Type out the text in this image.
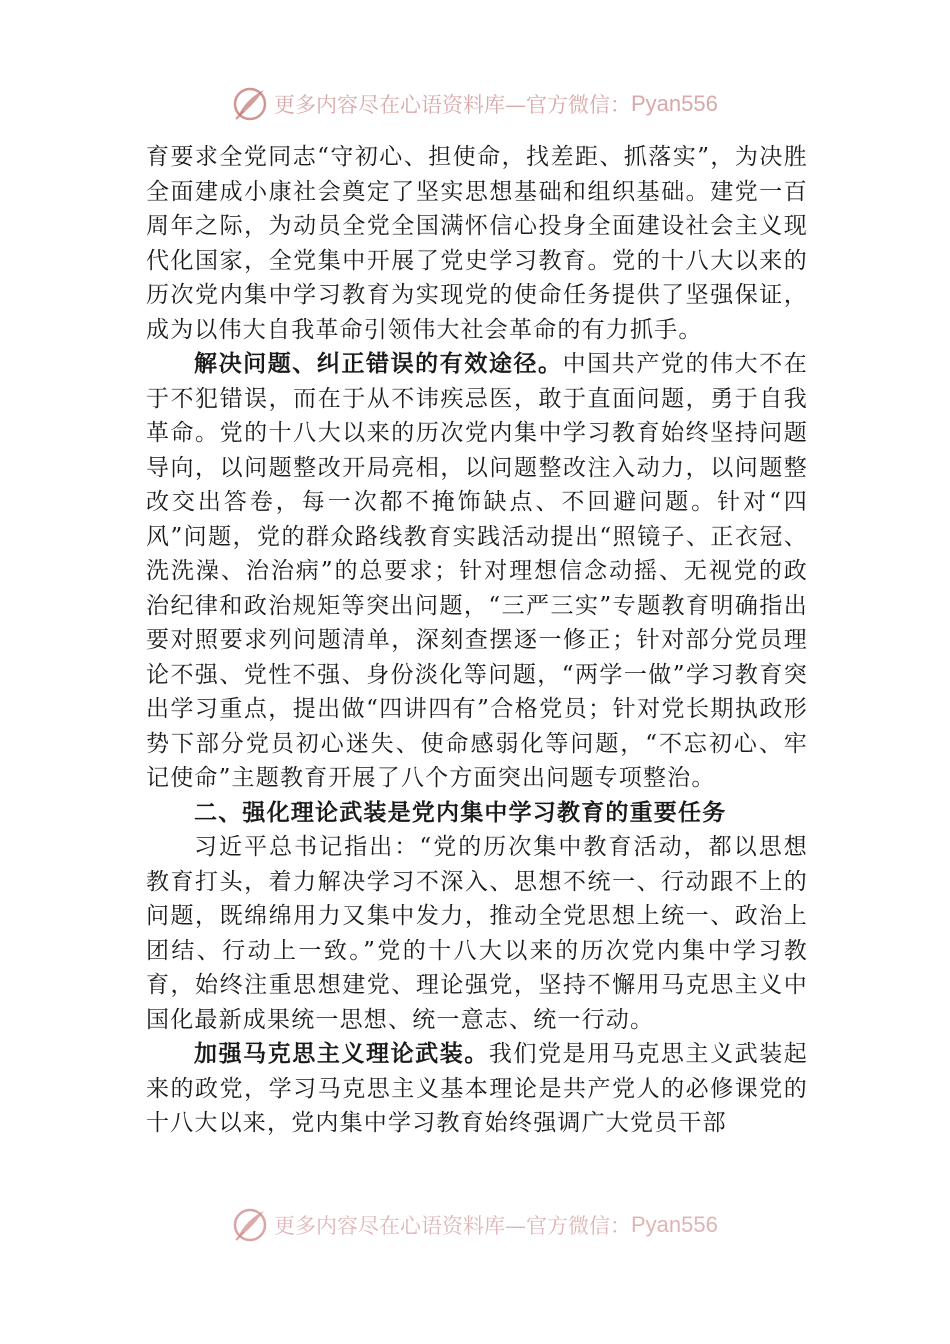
更多内容尽在心语资料库—官方微信： Pyan556

育要求全党同志“守初心、担使命，找差距、抓落实”，为决胜全面建成小康社会奠定了坚实思想基础和组织基础。建党一百周年之际，为动员全党全国满怀信心投身全面建设社会主义现代化国家，全党集中开展了党史学习教育。党的十八大以来的历次党内集中学习教育为实现党的使命任务提供了坚强保证，成为以伟大自我革命引领伟大社会革命的有力抓手。

解决问题、纠正错误的有效途径。中国共产党的伟大不在于不犯错误，而在于从不讳疾忌医，敢于直面问题，勇于自我革命。党的十八大以来的历次党内集中学习教育始终坚持问题导向，以问题整改开局亮相，以问题整改注入动力，以问题整改交出答卷，每一次都不掩饰缺点、不回避问题。针对“四风”问题，党的群众路线教育实践活动提出“照镜子、正衣冠、洗洗澡、治治病”的总要求；针对理想信念动摇、无视党的政治纪律和政治规矩等突出问题，“三严三实”专题教育明确指出要对照要求列问题清单，深刻查摆逐一修正；针对部分党员理论不强、党性不强、身份淡化等问题，“两学一做”学习教育突出学习重点，提出做“四讲四有”合格党员；针对党长期执政形势下部分党员初心迷失、使命感弱化等问题，“不忘初心、牢记使命”主题教育开展了八个方面突出问题专项整治。

二、强化理论武装是党内集中学习教育的重要任务

习近平总书记指出：“党的历次集中教育活动，都以思想教育打头，着力解决学习不深入、思想不统一、行动跟不上的问题，既绵绵用力又集中发力，推动全党思想上统一、政治上团结、行动上一致。”党的十八大以来的历次党内集中学习教育，始终注重思想建党、理论强党，坚持不懈用马克思主义中国化最新成果统一思想、统一意志、统一行动。

加强马克思主义理论武装。我们党是用马克思主义武装起来的政党，学习马克思主义基本理论是共产党人的必修课党的十八大以来，党内集中学习教育始终强调广大党员干部

更多内容尽在心语资料库—官方微信： Pyan556
